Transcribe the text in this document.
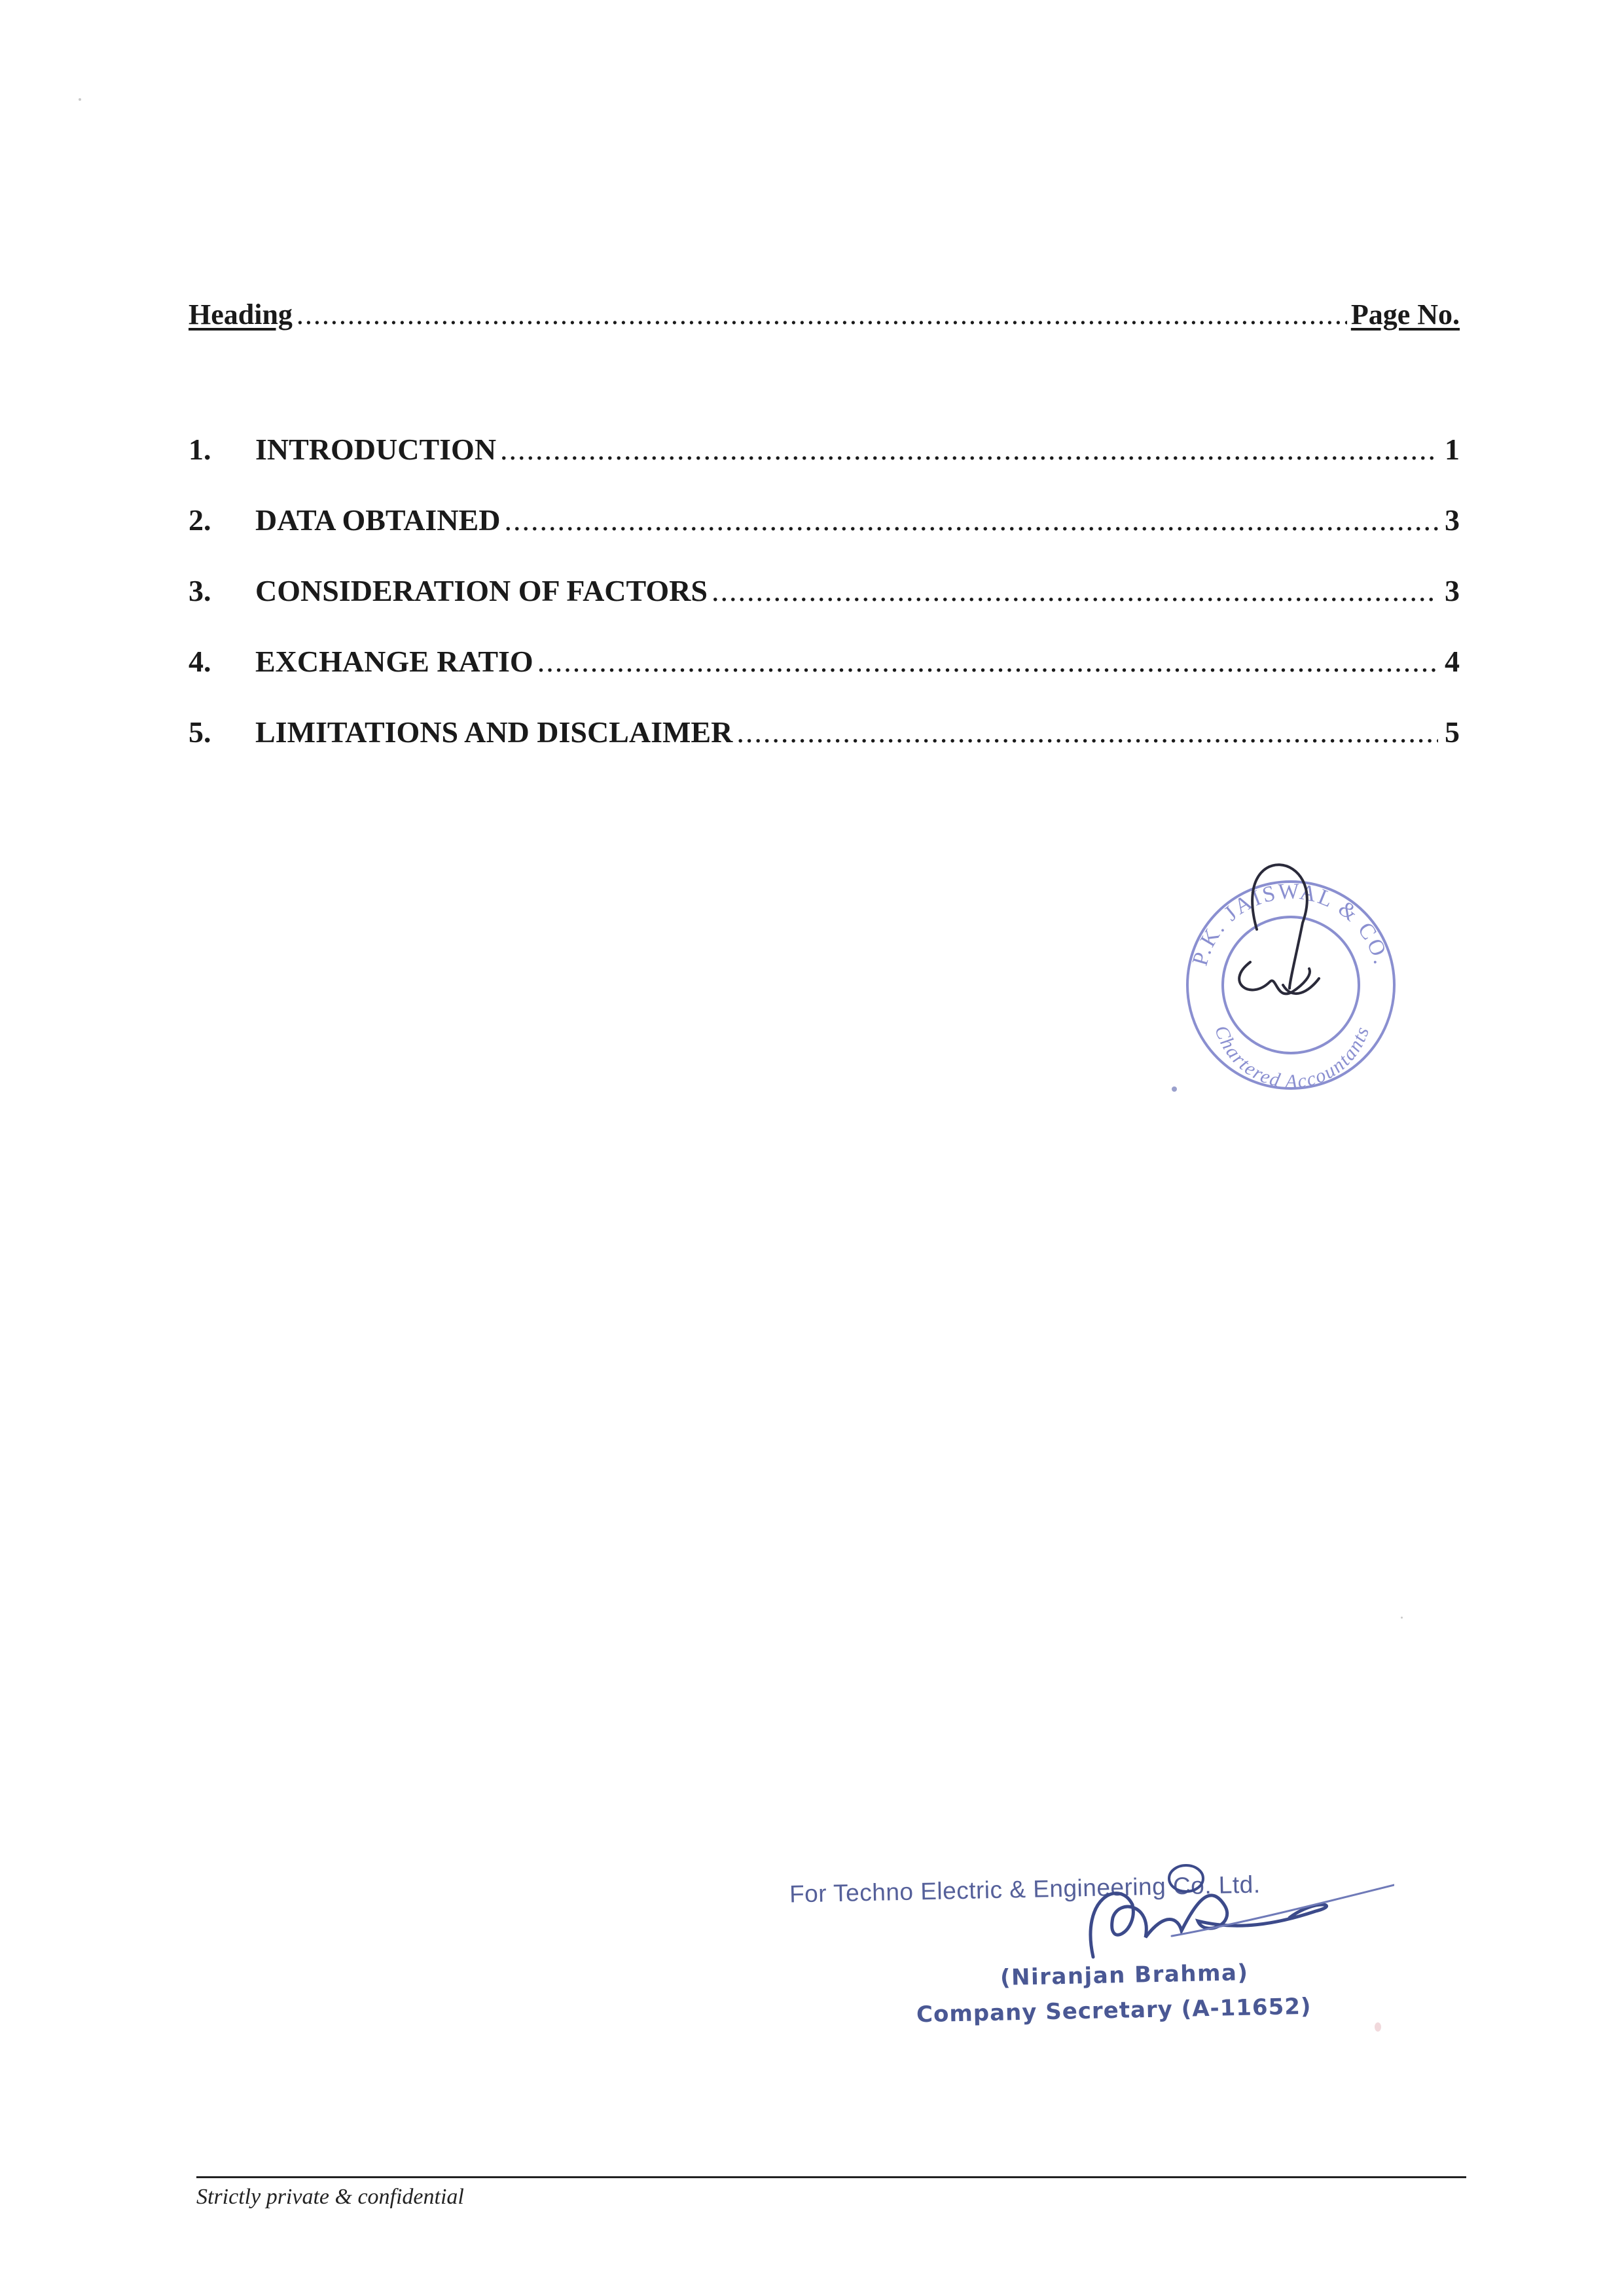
Heading .....	Page No.
1.	INTRODUCTION .....	1
2.	DATA OBTAINED .....	3
3.	CONSIDERATION OF FACTORS .....	3
4.	EXCHANGE RATIO .....	4
5.	LIMITATIONS AND DISCLAIMER .....	5
P.K. JAISWAL & CO.
Chartered Accountants
For Techno Electric & Engineering Co. Ltd.
(Niranjan Brahma)
Company Secretary (A-11652)
Strictly private & confidential
